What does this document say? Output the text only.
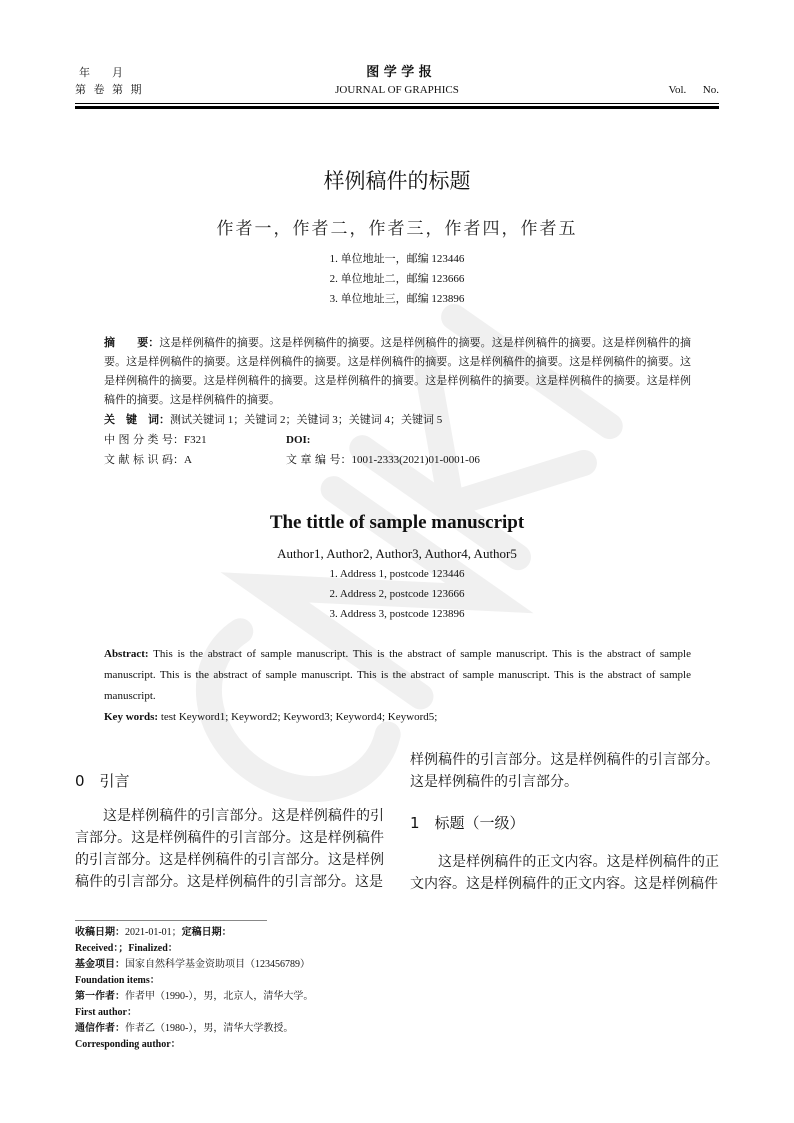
年　　月	图 学 学 报
第 卷 第 期	JOURNAL OF GRAPHICS	Vol.      No.
样例稿件的标题
作者一，作者二，作者三，作者四，作者五
1. 单位地址一，邮编 123446
2. 单位地址二，邮编 123666
3. 单位地址三，邮编 123896
摘　　要：这是样例稿件的摘要。这是样例稿件的摘要。这是样例稿件的摘要。这是样例稿件的摘要。这是样例稿件的摘要。这是样例稿件的摘要。这是样例稿件的摘要。这是样例稿件的摘要。这是样例稿件的摘要。这是样例稿件的摘要。这是样例稿件的摘要。这是样例稿件的摘要。这是样例稿件的摘要。这是样例稿件的摘要。这是样例稿件的摘要。这是样例稿件的摘要。这是样例稿件的摘要。
关　键　词：测试关键词 1；关键词 2；关键词 3；关键词 4；关键词 5
中 图 分 类 号：F321	DOI:
文 献 标 识 码：A	文 章 编 号：1001-2333(2021)01-0001-06
The tittle of sample manuscript
Author1, Author2, Author3, Author4, Author5
1. Address 1, postcode 123446
2. Address 2, postcode 123666
3. Address 3, postcode 123896
Abstract: This is the abstract of sample manuscript. This is the abstract of sample manuscript. This is the abstract of sample manuscript. This is the abstract of sample manuscript. This is the abstract of sample manuscript. This is the abstract of sample manuscript.
Key words: test Keyword1; Keyword2; Keyword3; Keyword4; Keyword5;
0　引言
这是样例稿件的引言部分。这是样例稿件的引言部分。这是样例稿件的引言部分。这是样例稿件的引言部分。这是样例稿件的引言部分。这是样例稿件的引言部分。这是样例稿件的引言部分。这是
样例稿件的引言部分。这是样例稿件的引言部分。这是样例稿件的引言部分。
1　标题（一级）
这是样例稿件的正文内容。这是样例稿件的正文内容。这是样例稿件的正文内容。这是样例稿件
收稿日期：2021-01-01；定稿日期：
Received：；Finalized：
基金项目：国家自然科学基金资助项目（123456789）
Foundation items：
第一作者：作者甲（1990-），男，北京人，清华大学。
First author：
通信作者：作者乙（1980-），男，清华大学教授。
Corresponding author：
